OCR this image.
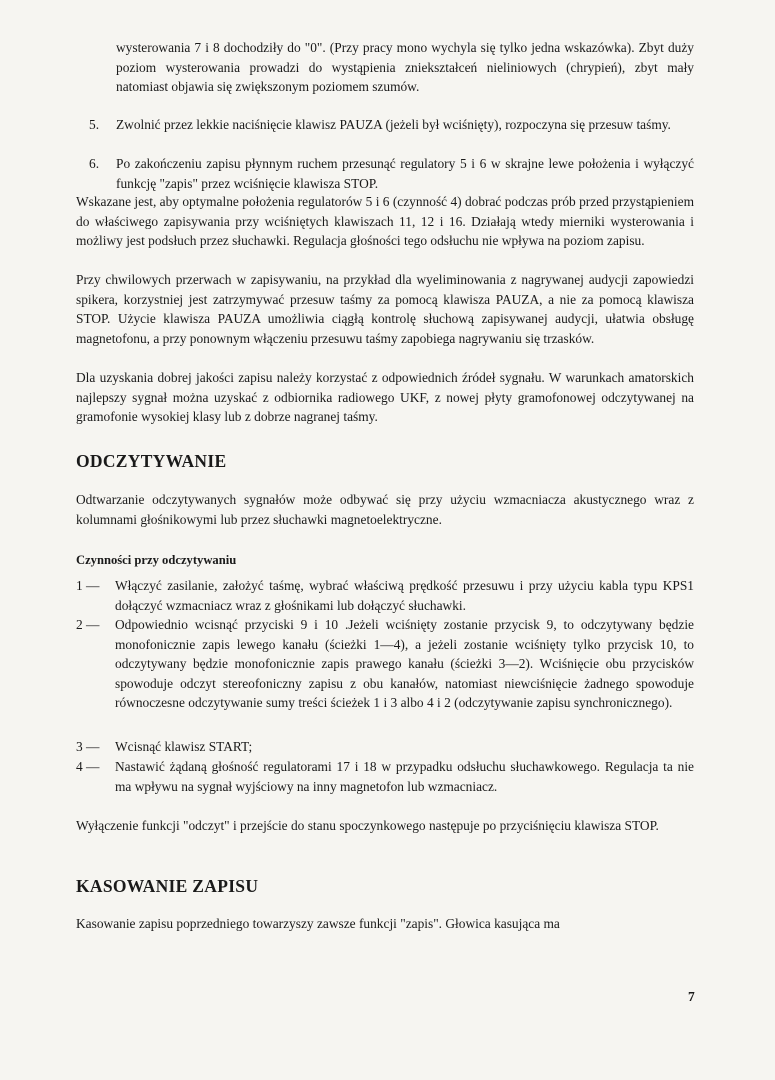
wysterowania 7 i 8 dochodziły do "0". (Przy pracy mono wychyla się tylko jedna wskazówka). Zbyt duży poziom wysterowania prowadzi do wystąpienia zniekształceń nieliniowych (chrypień), zbyt mały natomiast objawia się zwiększonym poziomem szumów.

5.	Zwolnić przez lekkie naciśnięcie klawisz PAUZA (jeżeli był wciśnięty), rozpoczyna się przesuw taśmy.

6.	Po zakończeniu zapisu płynnym ruchem przesunąć regulatory 5 i 6 w skrajne lewe położenia i wyłączyć funkcję "zapis" przez wciśnięcie klawisza STOP.

Wskazane jest, aby optymalne położenia regulatorów 5 i 6 (czynność 4) dobrać podczas prób przed przystąpieniem do właściwego zapisywania przy wciśniętych klawiszach 11, 12 i 16. Działają wtedy mierniki wysterowania i możliwy jest podsłuch przez słuchawki. Regulacja głośności tego odsłuchu nie wpływa na poziom zapisu.

Przy chwilowych przerwach w zapisywaniu, na przykład dla wyeliminowania z nagrywanej audycji zapowiedzi spikera, korzystniej jest zatrzymywać przesuw taśmy za pomocą klawisza PAUZA, a nie za pomocą klawisza STOP. Użycie klawisza PAUZA umożliwia ciągłą kontrolę słuchową zapisywanej audycji, ułatwia obsługę magnetofonu, a przy ponownym włączeniu przesuwu taśmy zapobiega nagrywaniu się trzasków.

Dla uzyskania dobrej jakości zapisu należy korzystać z odpowiednich źródeł sygnału. W warunkach amatorskich najlepszy sygnał można uzyskać z odbiornika radiowego UKF, z nowej płyty gramofonowej odczytywanej na gramofonie wysokiej klasy lub z dobrze nagranej taśmy.

ODCZYTYWANIE

Odtwarzanie odczytywanych sygnałów może odbywać się przy użyciu wzmacniacza akustycznego wraz z kolumnami głośnikowymi lub przez słuchawki magnetoelektryczne.

Czynności przy odczytywaniu

1 —	Włączyć zasilanie, założyć taśmę, wybrać właściwą prędkość przesuwu i przy użyciu kabla typu KPS1 dołączyć wzmacniacz wraz z głośnikami lub dołączyć słuchawki.

2 —	Odpowiednio wcisnąć przyciski 9 i 10 .Jeżeli wciśnięty zostanie przycisk 9, to odczytywany będzie monofonicznie zapis lewego kanału (ścieżki 1—4), a jeżeli zostanie wciśnięty tylko przycisk 10, to odczytywany będzie monofonicznie zapis prawego kanału (ścieżki 3—2). Wciśnięcie obu przycisków spowoduje odczyt stereofoniczny zapisu z obu kanałów, natomiast niewciśnięcie żadnego spowoduje równoczesne odczytywanie sumy treści ścieżek 1 i 3 albo 4 i 2 (odczytywanie zapisu synchronicznego).

3 —	Wcisnąć klawisz START;

4 —	Nastawić żądaną głośność regulatorami 17 i 18 w przypadku odsłuchu słuchawkowego. Regulacja ta nie ma wpływu na sygnał wyjściowy na inny magnetofon lub wzmacniacz.

Wyłączenie funkcji "odczyt" i przejście do stanu spoczynkowego następuje po przyciśnięciu klawisza STOP.

KASOWANIE ZAPISU

Kasowanie zapisu poprzedniego towarzyszy zawsze funkcji "zapis". Głowica kasująca ma

7
